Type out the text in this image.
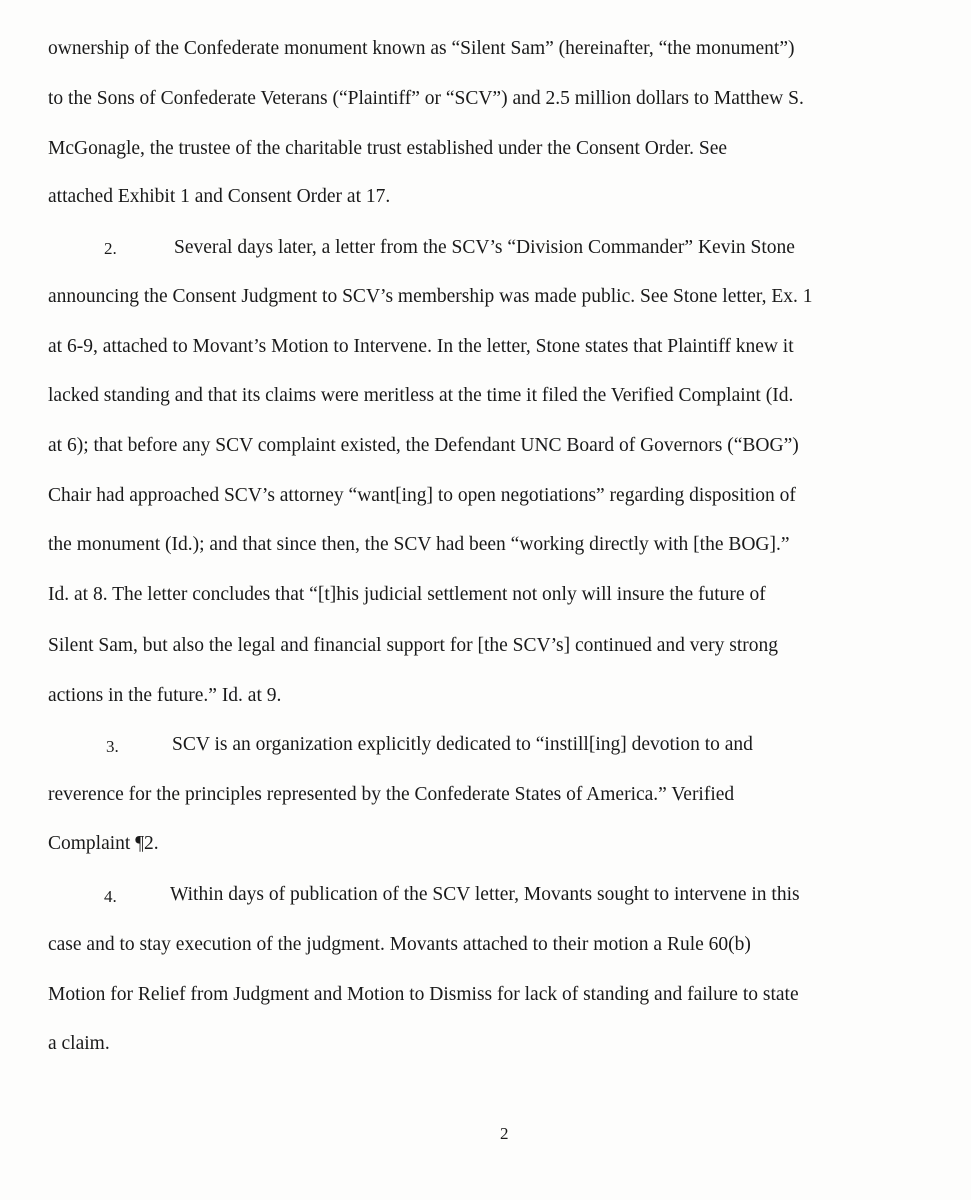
ownership of the Confederate monument known as “Silent Sam” (hereinafter, “the monument”)
to the Sons of Confederate Veterans (“Plaintiff” or “SCV”) and 2.5 million dollars to Matthew S.
McGonagle, the trustee of the charitable trust established under the Consent Order. See
attached Exhibit 1 and Consent Order at 17.
2.	Several days later, a letter from the SCV’s “Division Commander” Kevin Stone
announcing the Consent Judgment to SCV’s membership was made public. See Stone letter, Ex. 1
at 6-9, attached to Movant’s Motion to Intervene. In the letter, Stone states that Plaintiff knew it
lacked standing and that its claims were meritless at the time it filed the Verified Complaint (Id.
at 6); that before any SCV complaint existed, the Defendant UNC Board of Governors (“BOG”)
Chair had approached SCV’s attorney “want[ing] to open negotiations” regarding disposition of
the monument (Id.); and that since then, the SCV had been “working directly with [the BOG].”
Id. at 8. The letter concludes that “[t]his judicial settlement not only will insure the future of
Silent Sam, but also the legal and financial support for [the SCV’s] continued and very strong
actions in the future.” Id. at 9.
3.	SCV is an organization explicitly dedicated to “instill[ing] devotion to and
reverence for the principles represented by the Confederate States of America.” Verified
Complaint ¶2.
4.	Within days of publication of the SCV letter, Movants sought to intervene in this
case and to stay execution of the judgment. Movants attached to their motion a Rule 60(b)
Motion for Relief from Judgment and Motion to Dismiss for lack of standing and failure to state
a claim.
2
